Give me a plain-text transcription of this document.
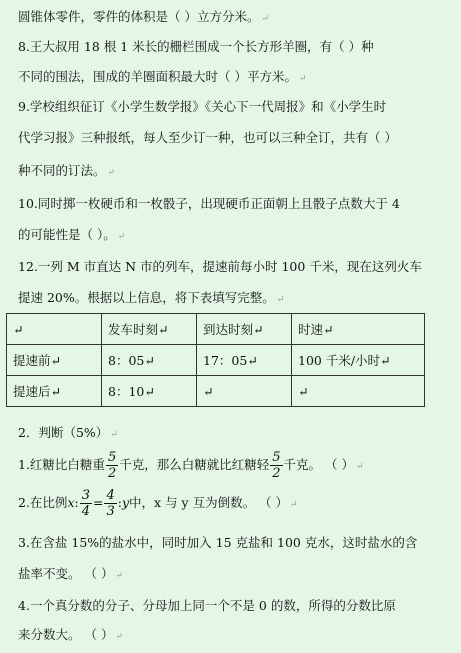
圆锥体零件，零件的体积是（ ）立方分米。 ↵
8.王大叔用 18 根 1 米长的栅栏围成一个长方形羊圈，有（ ）种
不同的围法，围成的羊圈面积最大时（ ）平方米。 ↵
9.学校组织征订《小学生数学报》《关心下一代周报》和《小学生时
代学习报》三种报纸，每人至少订一种，也可以三种全订，共有（ ）
种不同的订法。 ↵
10.同时掷一枚硬币和一枚骰子，出现硬币正面朝上且骰子点数大于 4
的可能性是（ ）。 ↵
12.一列 M 市直达 N 市的列车，提速前每小时 100 千米，现在这列火车
提速 20%。根据以上信息，将下表填写完整。 ↵
↵	发车时刻↵	到达时刻↵	时速↵
提速前↵	8：05↵	17：05↵	100 千米/小时↵
提速后↵	8：10↵	↵	↵
2．判断（5%） ↵
1.红糖比白糖重 $\frac{5}{2}$ 千克，那么白糖就比红糖轻 $\frac{5}{2}$ 千克。 （ ） ↵
2.在比例x: $\frac{3}{4} = \frac{4}{3}$ :y中，x 与 y 互为倒数。 （ ） ↵
3.在含盐 15%的盐水中，同时加入 15 克盐和 100 克水，这时盐水的含
盐率不变。 （ ） ↵
4.一个真分数的分子、分母加上同一个不是 0 的数，所得的分数比原
来分数大。 （ ） ↵
